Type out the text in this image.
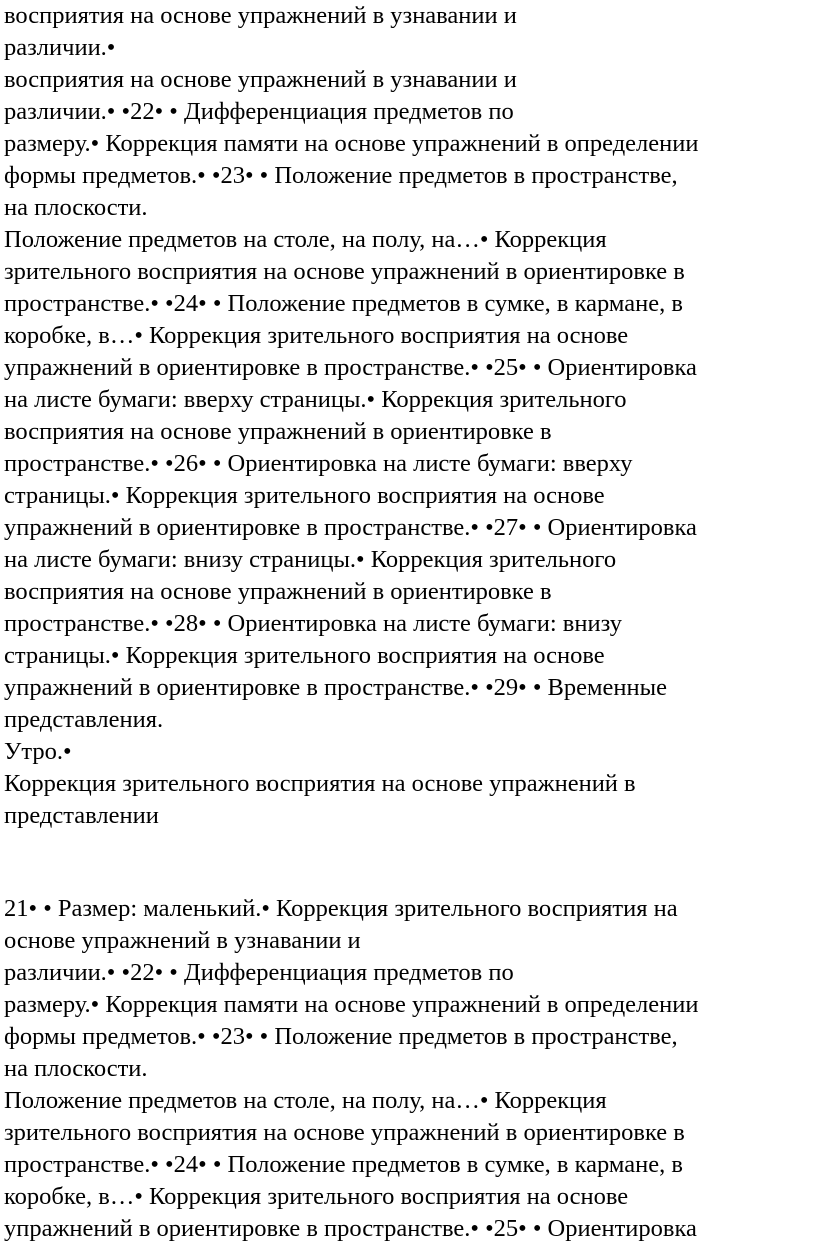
восприятия на основе упражнений в узнавании и
различии.•
восприятия на основе упражнений в узнавании и
различии.• •22• • Дифференциация предметов по
размеру.• Коррекция памяти на основе упражнений в определении
формы предметов.• •23• • Положение предметов в пространстве,
на плоскости.
Положение предметов на столе, на полу, на…• Коррекция
зрительного восприятия на основе упражнений в ориентировке в
пространстве.• •24• • Положение предметов в сумке, в кармане, в
коробке, в…• Коррекция зрительного восприятия на основе
упражнений в ориентировке в пространстве.• •25• • Ориентировка
на листе бумаги: вверху страницы.• Коррекция зрительного
восприятия на основе упражнений в ориентировке в
пространстве.• •26• • Ориентировка на листе бумаги: вверху
страницы.• Коррекция зрительного восприятия на основе
упражнений в ориентировке в пространстве.• •27• • Ориентировка
на листе бумаги: внизу страницы.• Коррекция зрительного
восприятия на основе упражнений в ориентировке в
пространстве.• •28• • Ориентировка на листе бумаги: внизу
страницы.• Коррекция зрительного восприятия на основе
упражнений в ориентировке в пространстве.• •29• • Временные
представления.
Утро.•
Коррекция зрительного восприятия на основе упражнений в
представлении
21• • Размер: маленький.• Коррекция зрительного восприятия на
основе упражнений в узнавании и
различии.• •22• • Дифференциация предметов по
размеру.• Коррекция памяти на основе упражнений в определении
формы предметов.• •23• • Положение предметов в пространстве,
на плоскости.
Положение предметов на столе, на полу, на…• Коррекция
зрительного восприятия на основе упражнений в ориентировке в
пространстве.• •24• • Положение предметов в сумке, в кармане, в
коробке, в…• Коррекция зрительного восприятия на основе
упражнений в ориентировке в пространстве.• •25• • Ориентировка
